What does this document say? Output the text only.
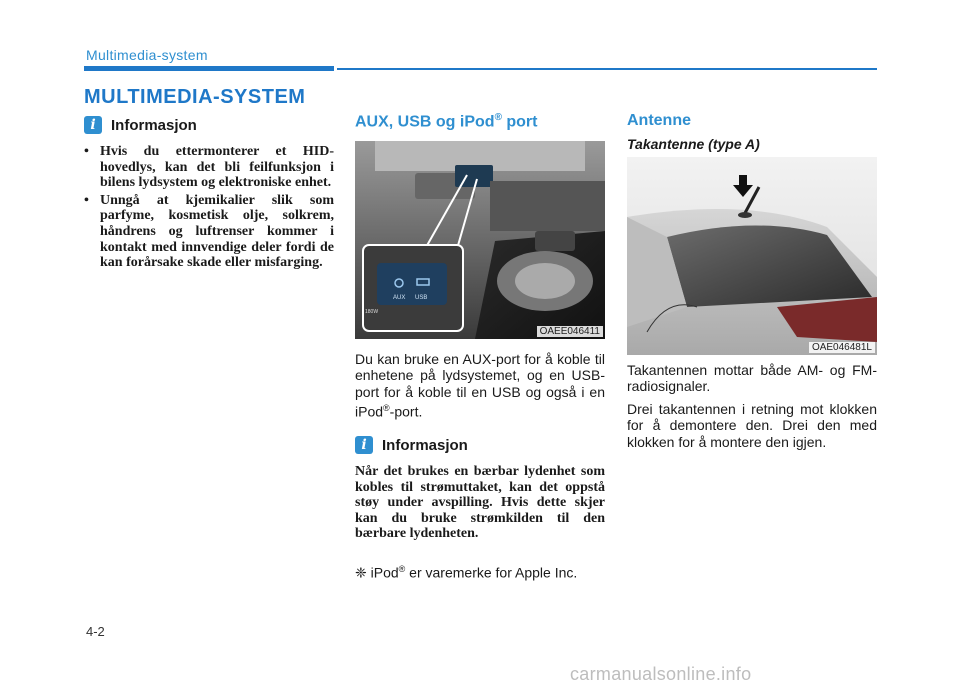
Multimedia-system
MULTIMEDIA-SYSTEM
i	Informasjon
• Hvis du ettermonterer et HID-hovedlys, kan det bli feilfunksjon i bilens lydsystem og elektroniske enhet.
• Unngå at kjemikalier slik som parfyme, kosmetisk olje, solkrem, håndrens og luftrenser kommer i kontakt med innvendige deler fordi de kan forårsake skade eller misfarging.
AUX, USB og iPod® port
AUX USB
180W
OAEE046411
Du kan bruke en AUX-port for å koble til enhetene på lydsystemet, og en USB-port for å koble til en USB og også i en iPod®-port.
i	Informasjon
Når det brukes en bærbar lydenhet som kobles til strømuttaket, kan det oppstå støy under avspilling. Hvis dette skjer kan du bruke strømkilden til den bærbare lydenheten.
❈ iPod® er varemerke for Apple Inc.
Antenne
Takantenne (type A)
OAE046481L

Takantennen mottar både AM- og FM-radiosignaler.

Drei takantennen i retning mot klokken for å demontere den. Drei den med klokken for å montere den igjen.

4-2
carmanualsonline.info
